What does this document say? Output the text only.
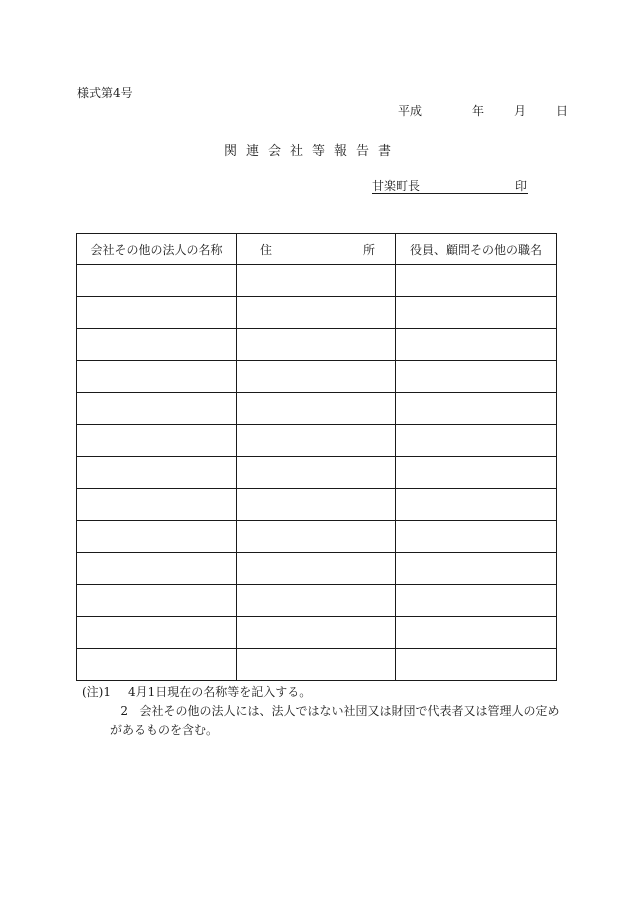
様式第4号
平成	年	月	日
関連会社等報告書
甘楽町長	印
会社その他の法人の名称	住 所	役員、顧問その他の職名

(注)1 4月1日現在の名称等を記入する。
2 会社その他の法人には、法人ではない社団又は財団で代表者又は管理人の定め
があるものを含む。
